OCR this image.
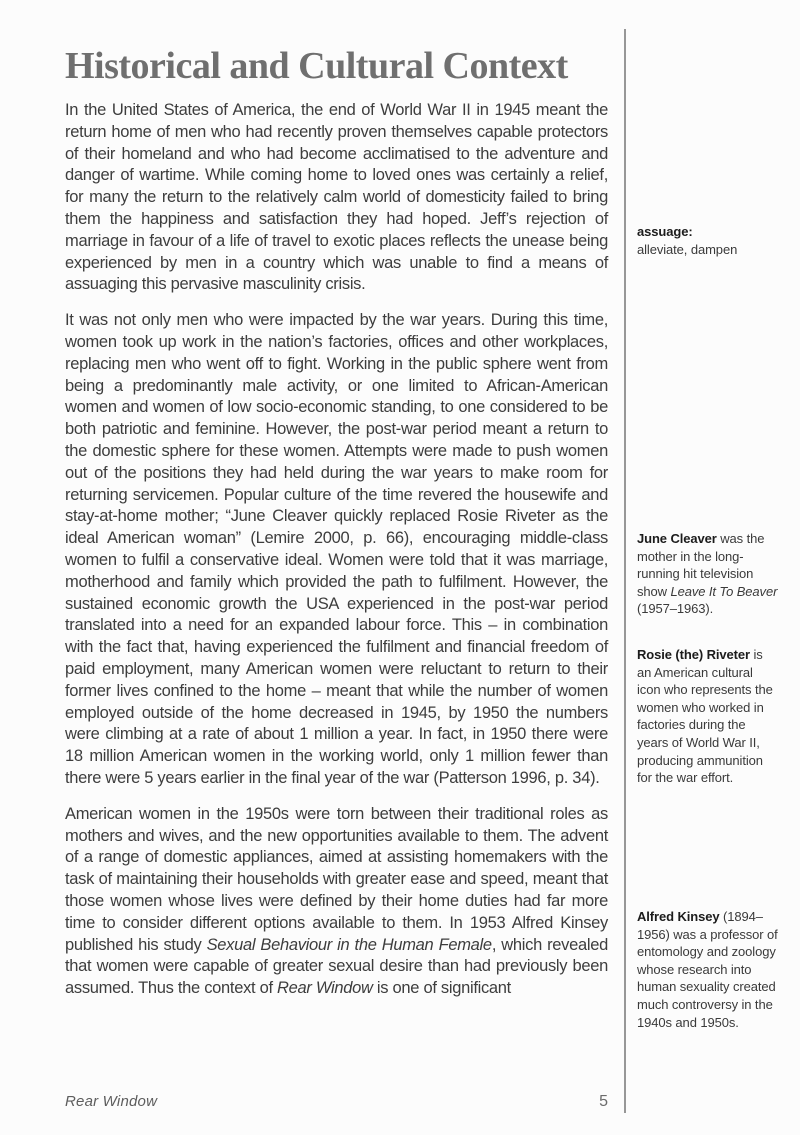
Historical and Cultural Context

In the United States of America, the end of World War II in 1945 meant the return home of men who had recently proven themselves capable protectors of their homeland and who had become acclimatised to the adventure and danger of wartime. While coming home to loved ones was certainly a relief, for many the return to the relatively calm world of domesticity failed to bring them the happiness and satisfaction they had hoped. Jeff’s rejection of marriage in favour of a life of travel to exotic places reflects the unease being experienced by men in a country which was unable to find a means of assuaging this pervasive masculinity crisis.

It was not only men who were impacted by the war years. During this time, women took up work in the nation’s factories, offices and other workplaces, replacing men who went off to fight. Working in the public sphere went from being a predominantly male activity, or one limited to African-American women and women of low socio-economic standing, to one considered to be both patriotic and feminine. However, the post-war period meant a return to the domestic sphere for these women. Attempts were made to push women out of the positions they had held during the war years to make room for returning servicemen. Popular culture of the time revered the housewife and stay-at-home mother; “June Cleaver quickly replaced Rosie Riveter as the ideal American woman” (Lemire 2000, p. 66), encouraging middle-class women to fulfil a conservative ideal. Women were told that it was marriage, motherhood and family which provided the path to fulfilment. However, the sustained economic growth the USA experienced in the post-war period translated into a need for an expanded labour force. This – in combination with the fact that, having experienced the fulfilment and financial freedom of paid employment, many American women were reluctant to return to their former lives confined to the home – meant that while the number of women employed outside of the home decreased in 1945, by 1950 the numbers were climbing at a rate of about 1 million a year. In fact, in 1950 there were 18 million American women in the working world, only 1 million fewer than there were 5 years earlier in the final year of the war (Patterson 1996, p. 34).

American women in the 1950s were torn between their traditional roles as mothers and wives, and the new opportunities available to them. The advent of a range of domestic appliances, aimed at assisting homemakers with the task of maintaining their households with greater ease and speed, meant that those women whose lives were defined by their home duties had far more time to consider different options available to them. In 1953 Alfred Kinsey published his study Sexual Behaviour in the Human Female, which revealed that women were capable of greater sexual desire than had previously been assumed. Thus the context of Rear Window is one of significant

assuage:
alleviate, dampen
June Cleaver was the mother in the long-running hit television show Leave It To Beaver (1957–1963).
Rosie (the) Riveter is an American cultural icon who represents the women who worked in factories during the years of World War II, producing ammunition for the war effort.
Alfred Kinsey (1894–1956) was a professor of entomology and zoology whose research into human sexuality created much controversy in the 1940s and 1950s.
Rear Window	5
